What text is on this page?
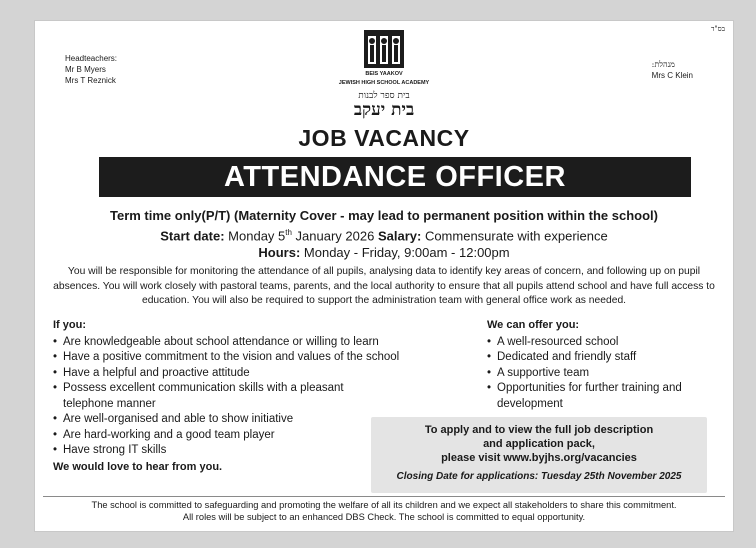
בס"ד
Headteachers:
Mr B Myers
Mrs T Reznick
BEIS YAAKOV
JEWISH HIGH SCHOOL ACADEMY
בית ספר לבנות
בית יעקב
מנהלת:
Mrs C Klein
JOB VACANCY
ATTENDANCE OFFICER
Term time only(P/T) (Maternity Cover - may lead to permanent position within the school)
Start date: Monday 5th January 2026 Salary: Commensurate with experience
Hours: Monday - Friday, 9:00am - 12:00pm
You will be responsible for monitoring the attendance of all pupils, analysing data to identify key areas of concern, and following up on pupil absences. You will work closely with pastoral teams, parents, and the local authority to ensure that all pupils attend school and have full access to education. You will also be required to support the administration team with general office work as needed.
If you:
• Are knowledgeable about school attendance or willing to learn
• Have a positive commitment to the vision and values of the school
• Have a helpful and proactive attitude
• Possess excellent communication skills with a pleasant telephone manner
• Are well-organised and able to show initiative
• Are hard-working and a good team player
• Have strong IT skills
We would love to hear from you.
We can offer you:
• A well-resourced school
• Dedicated and friendly staff
• A supportive team
• Opportunities for further training and development
To apply and to view the full job description
and application pack,
please visit www.byjhs.org/vacancies
Closing Date for applications: Tuesday 25th November 2025
The school is committed to safeguarding and promoting the welfare of all its children and we expect all stakeholders to share this commitment.
All roles will be subject to an enhanced DBS Check. The school is committed to equal opportunity.
